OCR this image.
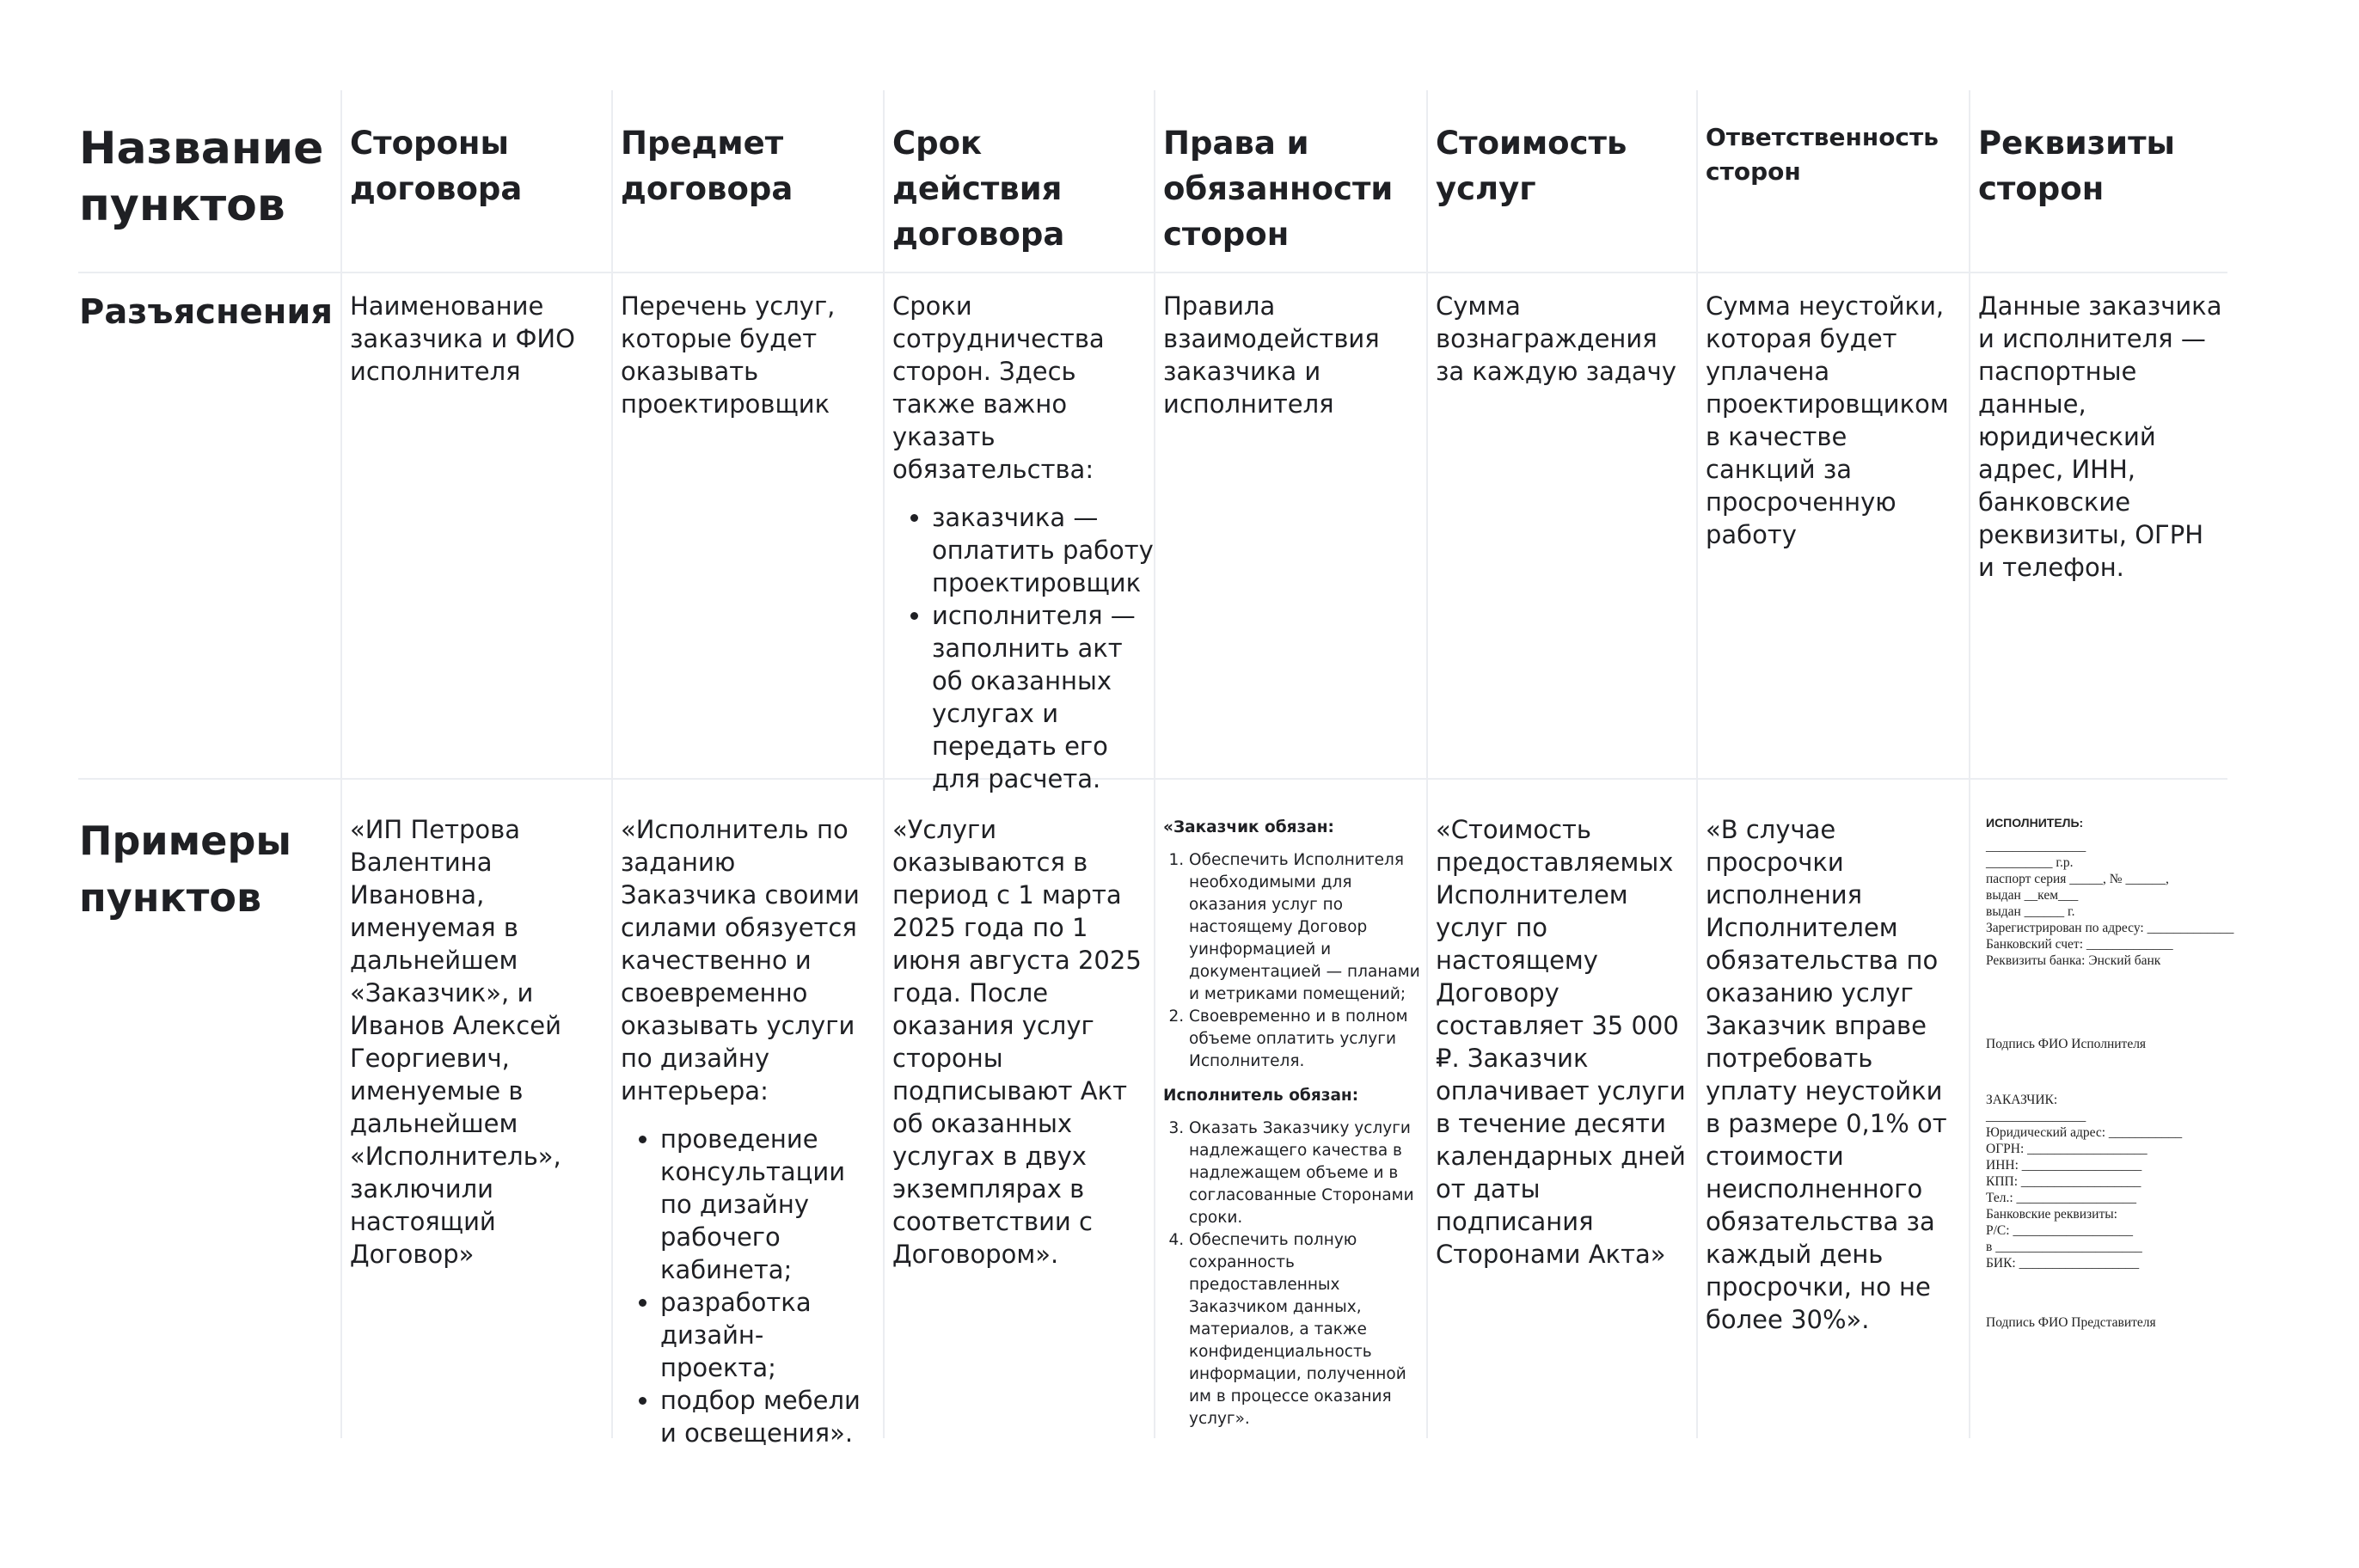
Название пунктов
Стороны договора
Предмет договора
Срок действия договора
Права и обязанности сторон
Стоимость услуг
Ответственность сторон
Реквизиты сторон
Разъяснения Наименование заказчика и ФИО исполнителя
Перечень услуг, которые будет оказывать проектировщик

Сроки сотрудничества сторон. Здесь также важно указать обязательства:

• заказчика — оплатить работу проектировщик
• исполнителя — заполнить акт об оказанных услугах и передать его для расчета.
Правила взаимодействия заказчика и исполнителя
Сумма вознаграждения за каждую задачу
Сумма неустойки, которая будет уплачена проектировщиком в качестве санкций за просроченную работу
Данные заказчика и исполнителя — паспортные данные, юридический адрес, ИНН, банковские реквизиты, ОГРН и телефон.
Примеры пунктов
«ИП Петрова Валентина Ивановна, именуемая в дальнейшем «Заказчик», и Иванов Алексей Георгиевич, именуемые в дальнейшем «Исполнитель», заключили настоящий Договор»

«Исполнитель по заданию Заказчика своими силами обязуется качественно и своевременно оказывать услуги по дизайну интерьера:

• проведение консультации по дизайну рабочего кабинета;
• разработка дизайн-проекта;
• подбор мебели и освещения».
«Услуги оказываются в период с 1 марта 2025 года по 1 июня августа 2025 года. После оказания услуг стороны подписывают Акт об оказанных услугах в двух экземплярах в соответствии с Договором».
«Заказчик обязан:
1. Обеспечить Исполнителя необходимыми для оказания услуг по настоящему Договор уинформацией и документацией — планами и метриками помещений;
2. Своевременно и в полном объеме оплатить услуги Исполнителя.
Исполнитель обязан:
3. Оказать Заказчику услуги надлежащего качества в надлежащем объеме и в согласованные Сторонами сроки.
4. Обеспечить полную сохранность предоставленных Заказчиком данных, материалов, а также конфиденциальность информации, полученной им в процессе оказания услуг».
«Стоимость предоставляемых Исполнителем услуг по настоящему Договору составляет 35 000 ₽. Заказчик оплачивает услуги в течение десяти календарных дней от даты подписания Сторонами Акта»
«В случае просрочки исполнения Исполнителем обязательства по оказанию услуг Заказчик вправе потребовать уплату неустойки в размере 0,1% от стоимости неисполненного обязательства за каждый день просрочки, но не более 30%».
ИСПОЛНИТЕЛЬ:
_______________
__________ г.р.
паспорт серия _____, № ______,
выдан __кем___
выдан ______ г.
Зарегистрирован по адресу: _____________
Банковский счет: _____________
Реквизиты банка: Энский банк
Подпись ФИО Исполнителя
ЗАКАЗЧИК:
_______________
Юридический адрес: ___________
ОГРН: __________________
ИНН: __________________
КПП: __________________
Тел.: __________________
Банковские реквизиты:
Р/С: __________________
в ______________________
БИК: __________________
Подпись ФИО Представителя
